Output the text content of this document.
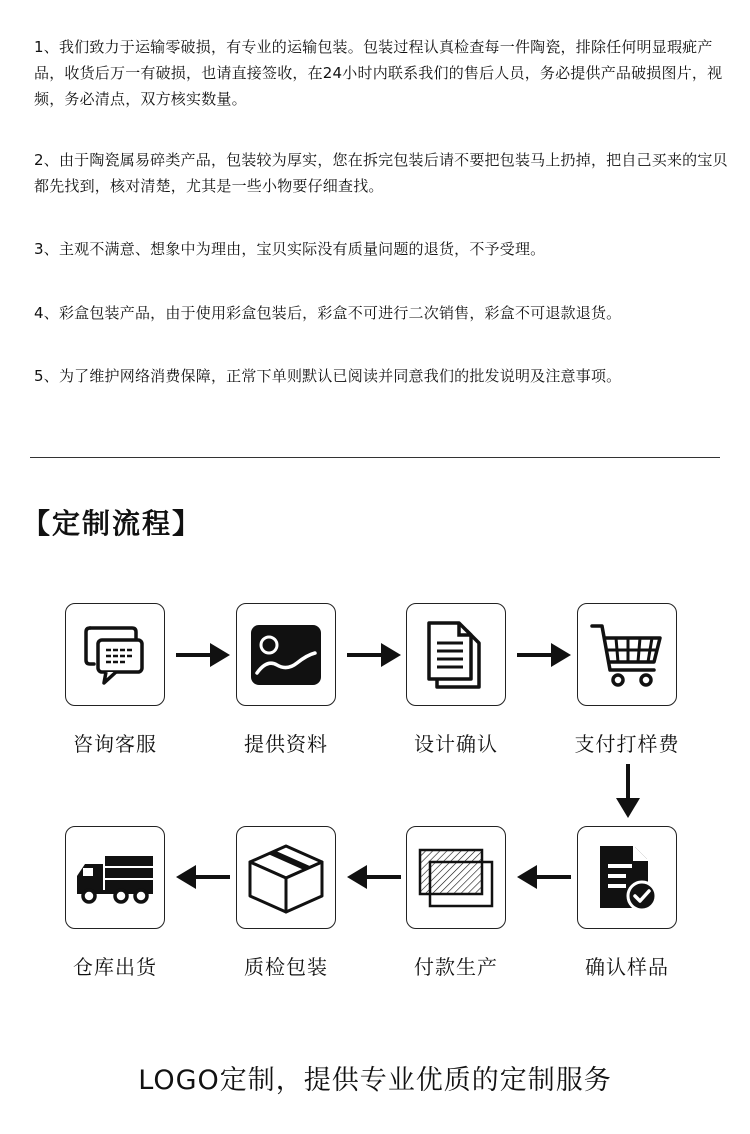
1、我们致力于运输零破损，有专业的运输包装。包装过程认真检查每一件陶瓷，排除任何明显瑕疵产品，收货后万一有破损，也请直接签收，在24小时内联系我们的售后人员，务必提供产品破损图片，视频，务必清点，双方核实数量。
2、由于陶瓷属易碎类产品，包装较为厚实，您在拆完包装后请不要把包装马上扔掉，把自己买来的宝贝都先找到，核对清楚，尤其是一些小物要仔细查找。
3、主观不满意、想象中为理由，宝贝实际没有质量问题的退货，不予受理。
4、彩盒包装产品，由于使用彩盒包装后，彩盒不可进行二次销售，彩盒不可退款退货。
5、为了维护网络消费保障，正常下单则默认已阅读并同意我们的批发说明及注意事项。
【定制流程】
咨询客服	提供资料	设计确认	支付打样费
仓库出货	质检包装	付款生产	确认样品
LOGO定制，提供专业优质的定制服务
